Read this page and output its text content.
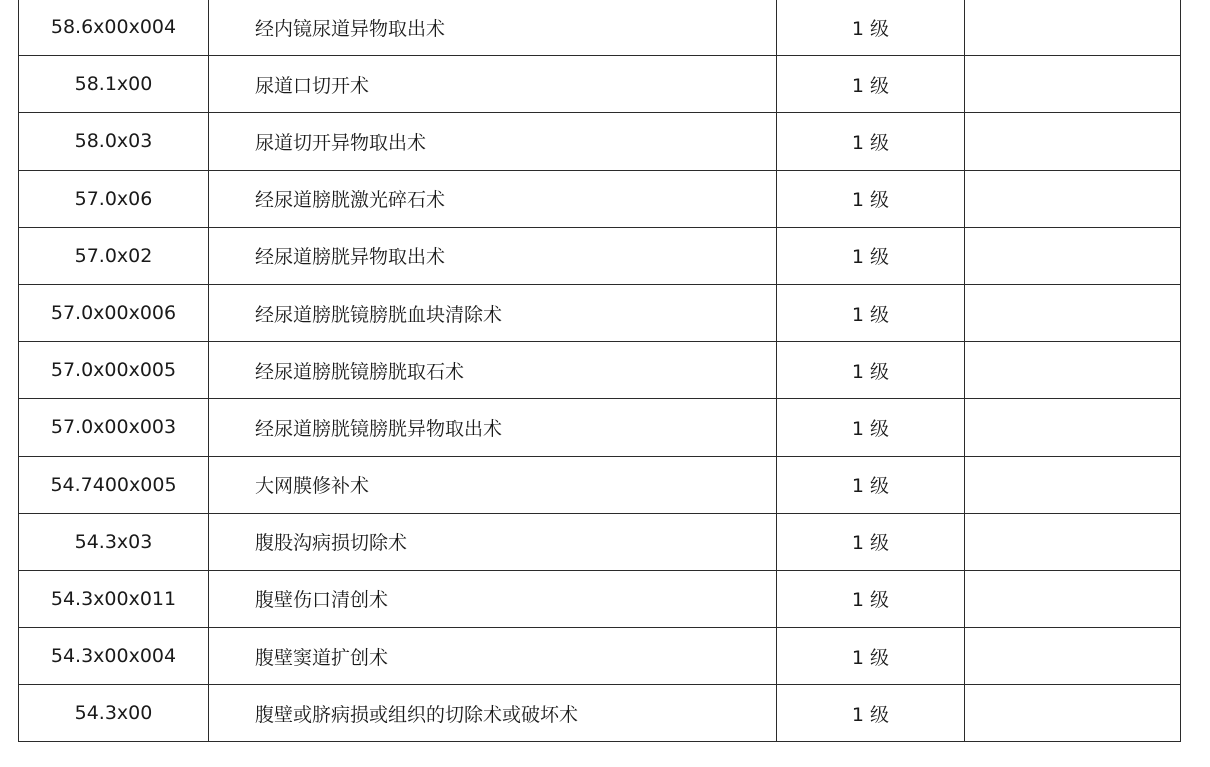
58.6x00x004	经内镜尿道异物取出术	1 级	
58.1x00	尿道口切开术	1 级	
58.0x03	尿道切开异物取出术	1 级	
57.0x06	经尿道膀胱激光碎石术	1 级	
57.0x02	经尿道膀胱异物取出术	1 级	
57.0x00x006	经尿道膀胱镜膀胱血块清除术	1 级	
57.0x00x005	经尿道膀胱镜膀胱取石术	1 级	
57.0x00x003	经尿道膀胱镜膀胱异物取出术	1 级	
54.7400x005	大网膜修补术	1 级	
54.3x03	腹股沟病损切除术	1 级	
54.3x00x011	腹壁伤口清创术	1 级	
54.3x00x004	腹壁窦道扩创术	1 级	
54.3x00	腹壁或脐病损或组织的切除术或破坏术	1 级	
